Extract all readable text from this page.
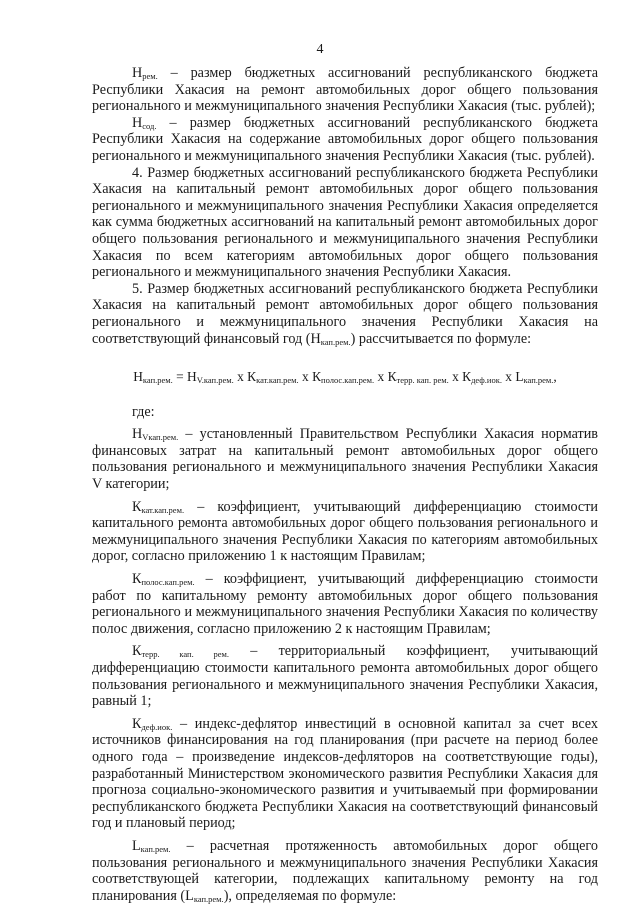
4

$Н_{рем.}$ – размер бюджетных ассигнований республиканского бюджета Республики Хакасия на ремонт автомобильных дорог общего пользования регионального и межмуниципального значения Республики Хакасия (тыс. рублей);

$Н_{сод.}$ – размер бюджетных ассигнований республиканского бюджета Республики Хакасия на содержание автомобильных дорог общего пользования регионального и межмуниципального значения Республики Хакасия (тыс. рублей).

4. Размер бюджетных ассигнований республиканского бюджета Республики Хакасия на капитальный ремонт автомобильных дорог общего пользования регионального и межмуниципального значения Республики Хакасия определяется как сумма бюджетных ассигнований на капитальный ремонт автомобильных дорог общего пользования регионального и межмуниципального значения Республики Хакасия по всем категориям автомобильных дорог общего пользования регионального и межмуниципального значения Республики Хакасия.

5. Размер бюджетных ассигнований республиканского бюджета Республики Хакасия на капитальный ремонт автомобильных дорог общего пользования регионального и межмуниципального значения Республики Хакасия на соответствующий финансовый год $(Н_{кап.рем.})$ рассчитывается по формуле:

$Н_{кап.рем.} = Н_{V.кап.рем.}$ х $К_{кат.кап.рем.}$ х $К_{полос.кап.рем.}$ х $К_{терр. кап. рем.}$ х $К_{деф.иок.}$ х $L_{кап.рем.}$,

где:

$Н_{Vкап.рем.}$ – установленный Правительством Республики Хакасия норматив финансовых затрат на капитальный ремонт автомобильных дорог общего пользования регионального и межмуниципального значения Республики Хакасия V категории;

$К_{кат.кап.рем.}$ – коэффициент, учитывающий дифференциацию стоимости капитального ремонта автомобильных дорог общего пользования регионального и межмуниципального значения Республики Хакасия по категориям автомобильных дорог, согласно приложению 1 к настоящим Правилам;

$К_{полос.кап.рем.}$ – коэффициент, учитывающий дифференциацию стоимости работ по капитальному ремонту автомобильных дорог общего пользования регионального и межмуниципального значения Республики Хакасия по количеству полос движения, согласно приложению 2 к настоящим Правилам;

$К_{терр. кап. рем.}$ – территориальный коэффициент, учитывающий дифференциацию стоимости капитального ремонта автомобильных дорог общего пользования регионального и межмуниципального значения Республики Хакасия, равный 1;

$К_{деф.иок.}$ – индекс-дефлятор инвестиций в основной капитал за счет всех источников финансирования на год планирования (при расчете на период более одного года – произведение индексов-дефляторов на соответствующие годы), разработанный Министерством экономического развития Республики Хакасия для прогноза социально-экономического развития и учитываемый при формировании республиканского бюджета Республики Хакасия на соответствующий финансовый год и плановый период;

$L_{кап.рем.}$ – расчетная протяженность автомобильных дорог общего пользования регионального и межмуниципального значения Республики Хакасия соответствующей категории, подлежащих капитальному ремонту на год планирования $(L_{кап.рем.})$, определяемая по формуле:
